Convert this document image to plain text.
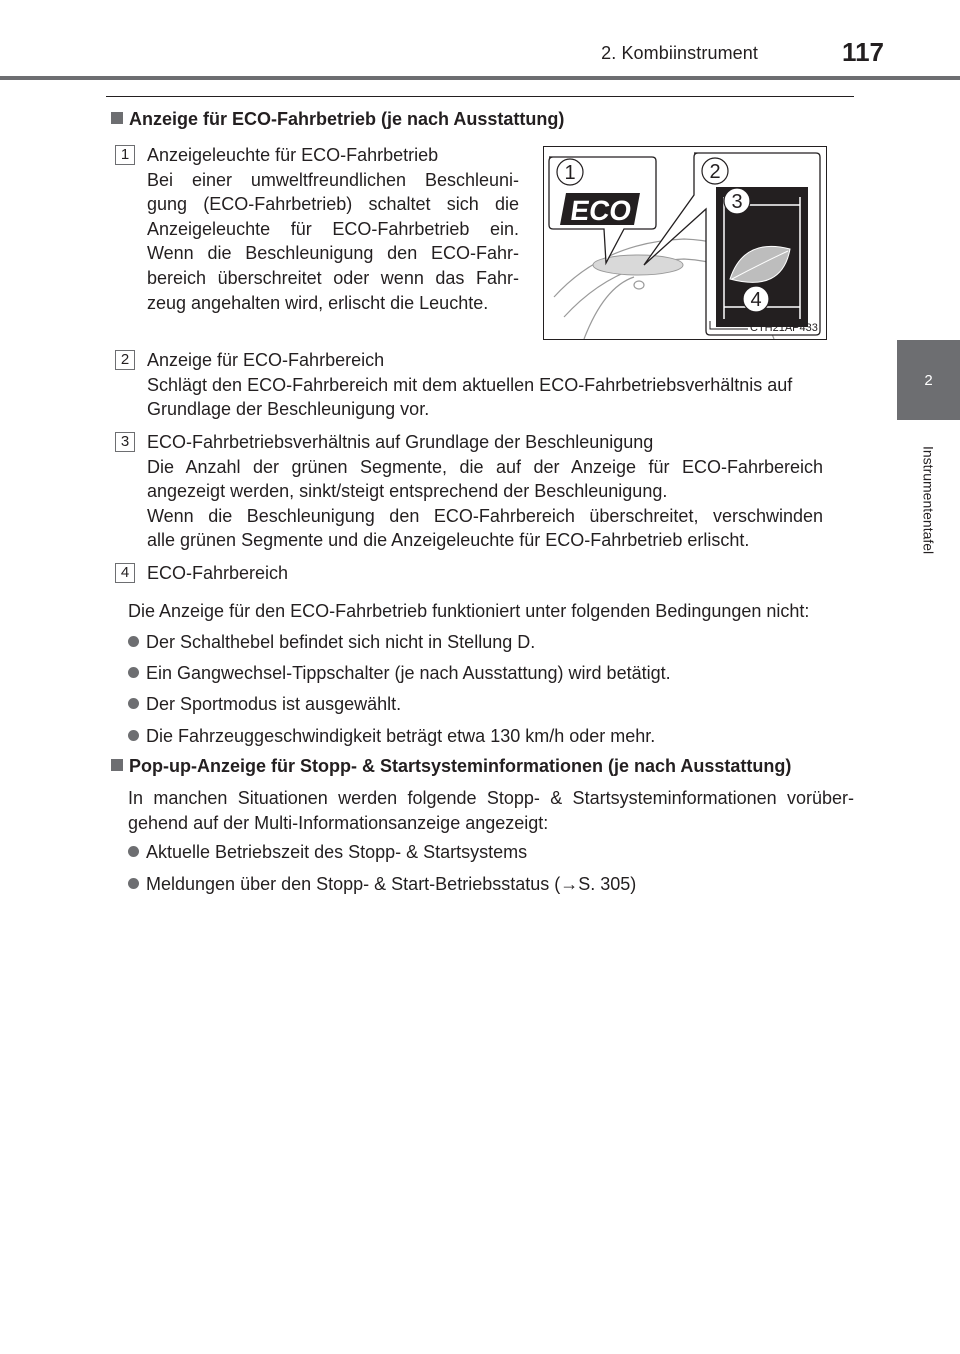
2. Kombiinstrument	117
2
Instrumententafel
Anzeige für ECO-Fahrbetrieb (je nach Ausstattung)
1 Anzeigeleuchte für ECO-Fahrbetrieb
Bei einer umweltfreundlichen Beschleuni-
gung (ECO-Fahrbetrieb) schaltet sich die
Anzeigeleuchte für ECO-Fahrbetrieb ein.
Wenn die Beschleunigung den ECO-Fahr-
bereich überschreitet oder wenn das Fahr-
zeug angehalten wird, erlischt die Leuchte.
ECO
1	2
3
4
CTH21AP433
2 Anzeige für ECO-Fahrbereich
Schlägt den ECO-Fahrbereich mit dem aktuellen ECO-Fahrbetriebsverhältnis auf
Grundlage der Beschleunigung vor.
3 ECO-Fahrbetriebsverhältnis auf Grundlage der Beschleunigung
Die Anzahl der grünen Segmente, die auf der Anzeige für ECO-Fahrbereich
angezeigt werden, sinkt/steigt entsprechend der Beschleunigung.
Wenn die Beschleunigung den ECO-Fahrbereich überschreitet, verschwinden
alle grünen Segmente und die Anzeigeleuchte für ECO-Fahrbetrieb erlischt.
4 ECO-Fahrbereich
Die Anzeige für den ECO-Fahrbetrieb funktioniert unter folgenden Bedingungen nicht:
Der Schalthebel befindet sich nicht in Stellung D.
Ein Gangwechsel-Tippschalter (je nach Ausstattung) wird betätigt.
Der Sportmodus ist ausgewählt.
Die Fahrzeuggeschwindigkeit beträgt etwa 130 km/h oder mehr.
Pop-up-Anzeige für Stopp- & Startsysteminformationen (je nach Ausstattung)
In manchen Situationen werden folgende Stopp- & Startsysteminformationen vorüber-
gehend auf der Multi-Informationsanzeige angezeigt:
Aktuelle Betriebszeit des Stopp- & Startsystems
Meldungen über den Stopp- & Start-Betriebsstatus (→S. 305)
